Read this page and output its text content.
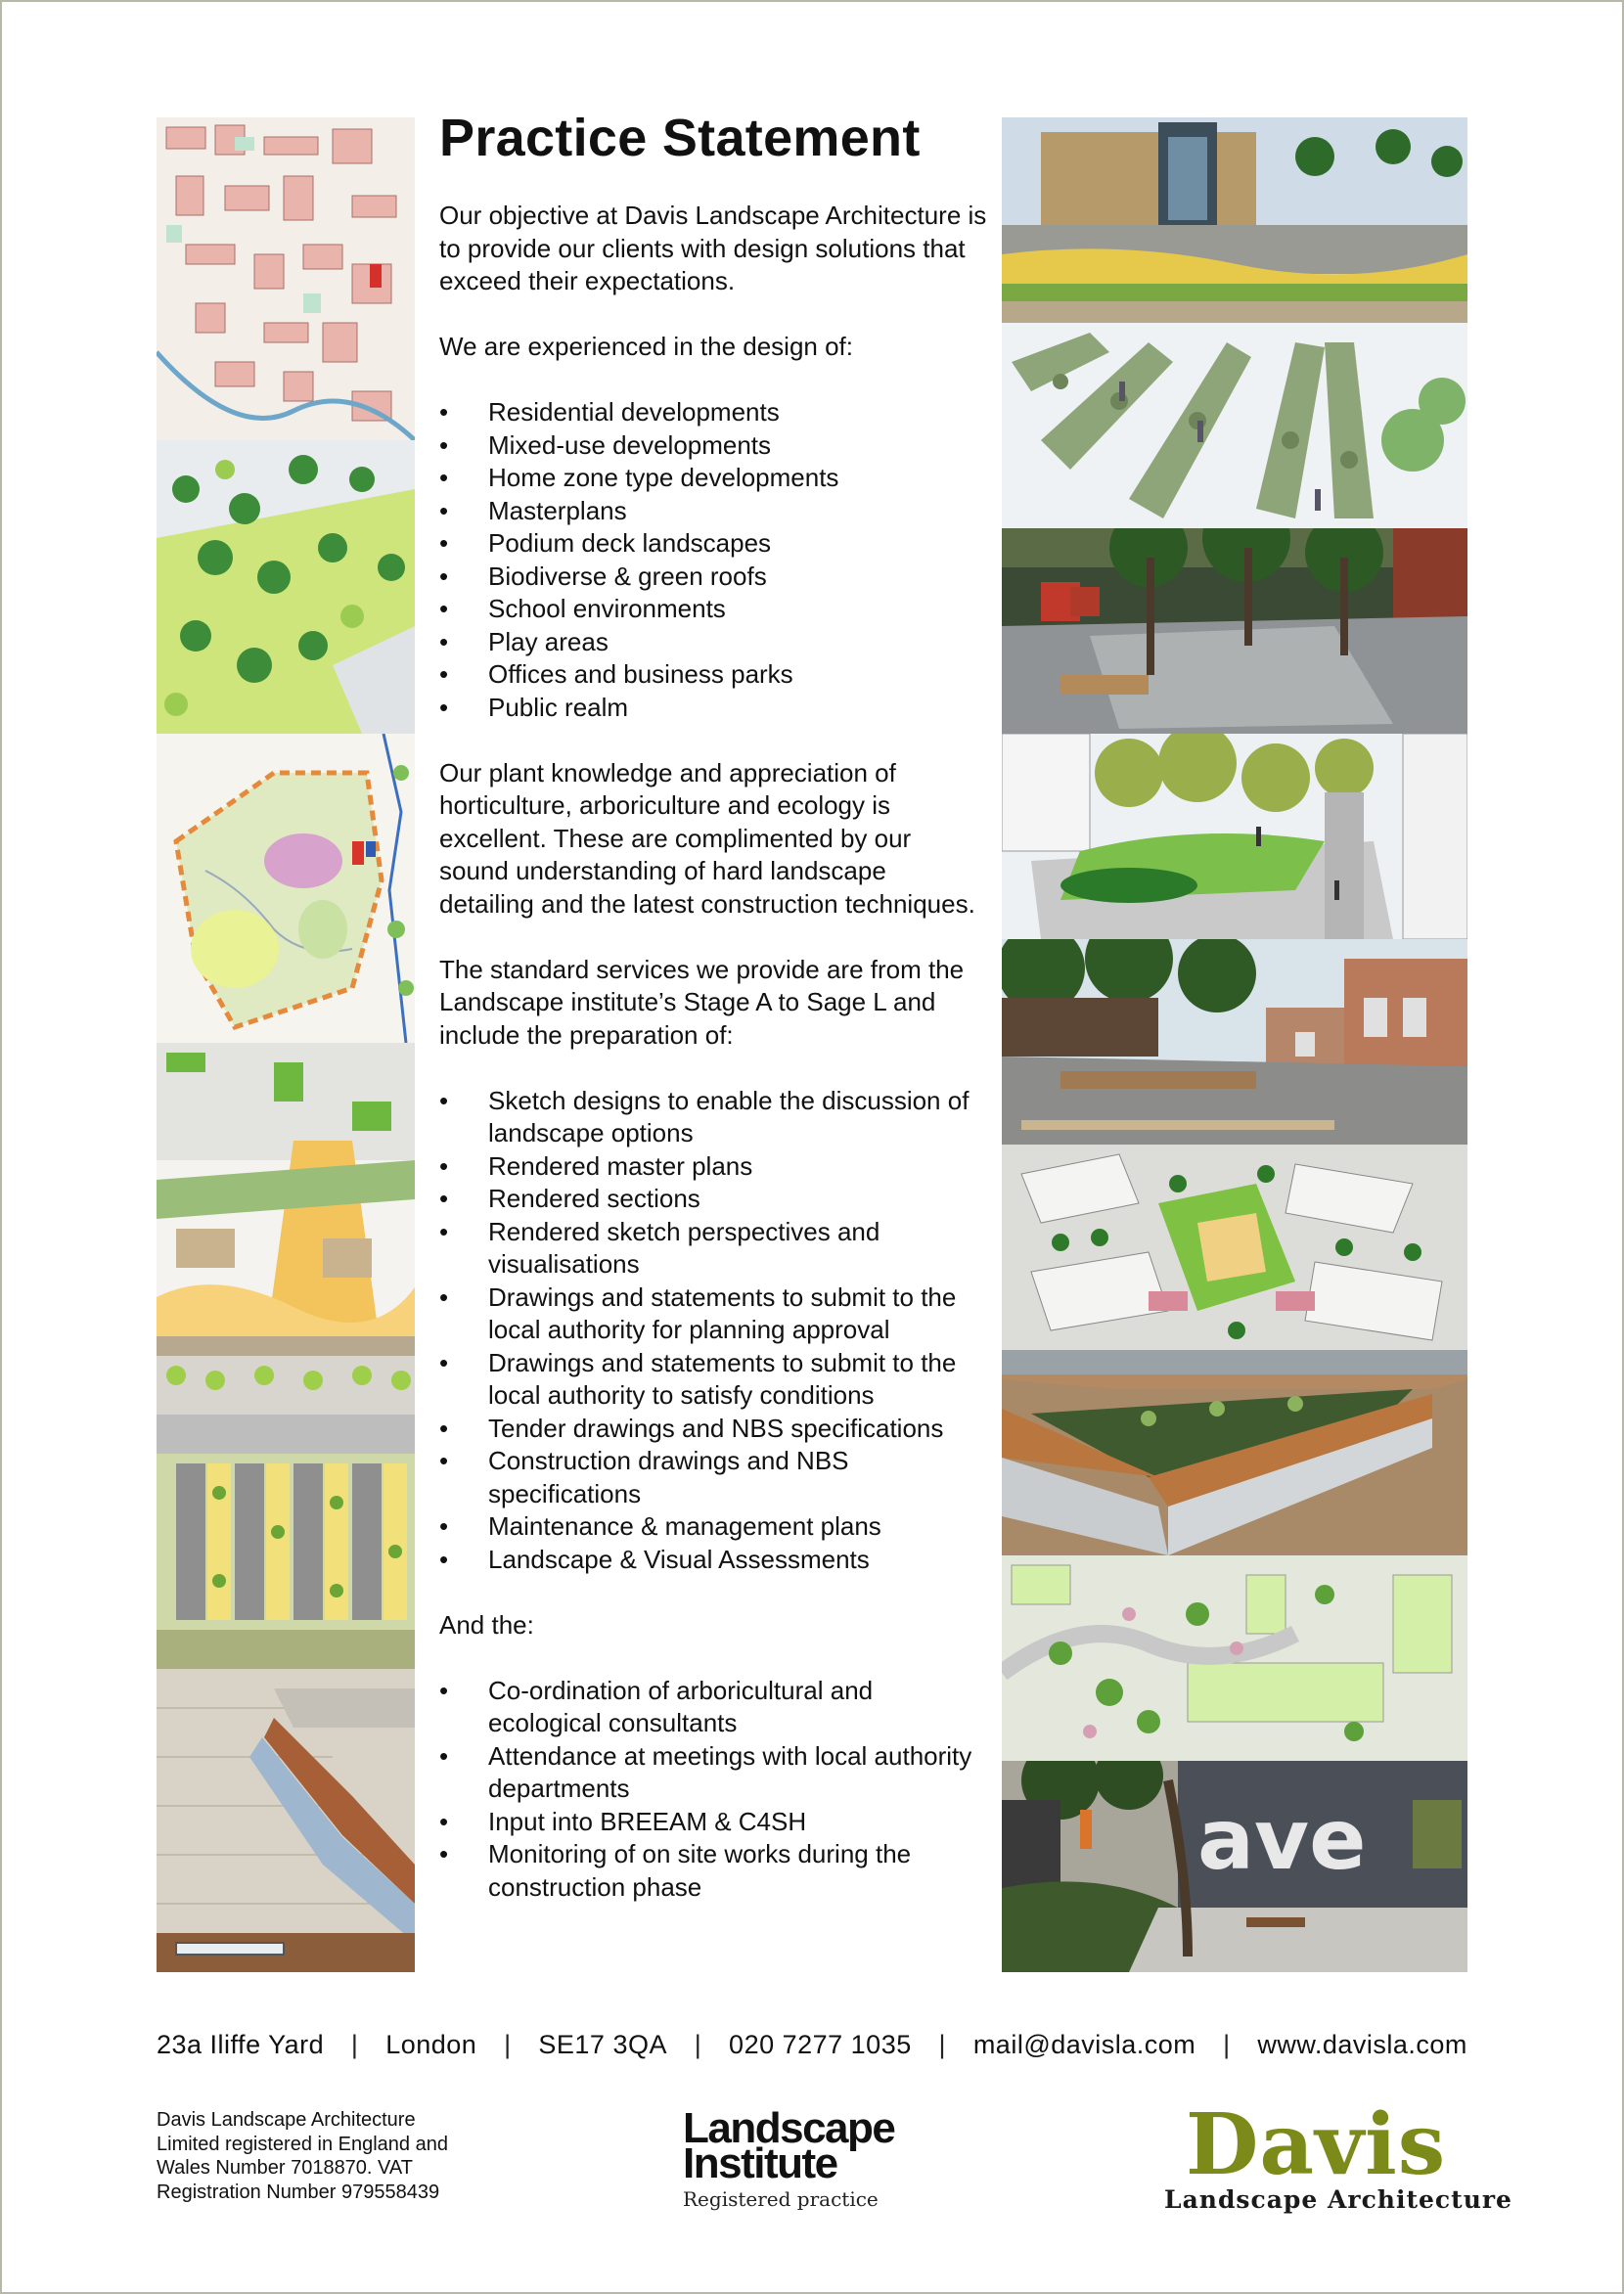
ave
Practice Statement

Our objective at Davis Landscape Architecture is to provide our clients with design solutions that exceed their expectations.

We are experienced in the design of:

• Residential developments
• Mixed-use developments
• Home zone type developments
• Masterplans
• Podium deck landscapes
• Biodiverse & green roofs
• School environments
• Play areas
• Offices and business parks
• Public realm

Our plant knowledge and appreciation of horticulture, arboriculture and ecology is excellent. These are complimented by our sound understanding of hard landscape detailing and the latest construction techniques.

The standard services we provide are from the Landscape institute’s Stage A to Sage L and include the preparation of:

• Sketch designs to enable the discussion of landscape options
• Rendered master plans
• Rendered sections
• Rendered sketch perspectives and visualisations
• Drawings and statements to submit to the local authority for planning approval
• Drawings and statements to submit to the local authority to satisfy conditions
• Tender drawings and NBS specifications
• Construction drawings and NBS specifications
• Maintenance & management plans
• Landscape & Visual Assessments

And the:

• Co-ordination of arboricultural and ecological consultants
• Attendance at meetings with local authority departments
• Input into BREEAM & C4SH
• Monitoring of on site works during the construction phase
23a Iliffe Yard | London | SE17 3QA | 020 7277 1035 | mail@davisla.com | www.davisla.com
Davis Landscape Architecture
Limited registered in England and
Wales Number 7018870. VAT
Registration Number 979558439
Landscape
Institute
Registered practice
Davis
Landscape Architecture
